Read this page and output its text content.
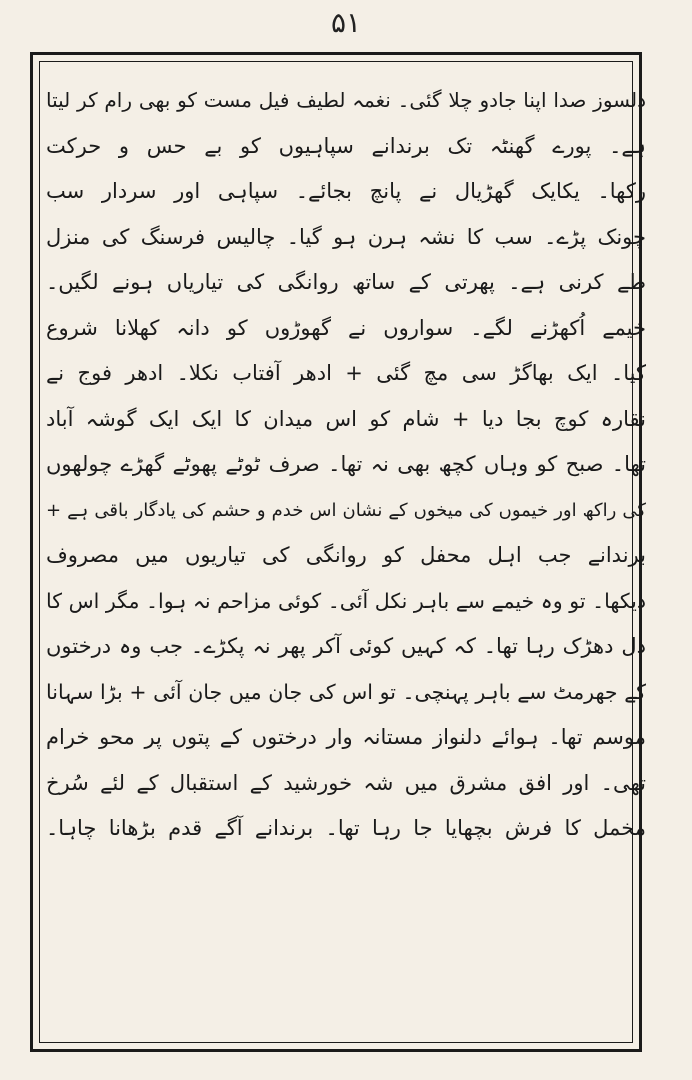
۵۱
دلسوز صدا اپنا جادو چلا گئی۔ نغمہ لطیف فیل مست کو بھی رام کر لیتا
ہے۔ پورے گھنٹہ تک برندانے سپاہیوں کو بے حس و حرکت
رکھا۔ یکایک گھڑیال نے پانچ بجائے۔ سپاہی اور سردار سب
چونک پڑے۔ سب کا نشہ ہرن ہو گیا۔ چالیس فرسنگ کی منزل
طے کرنی ہے۔ پھرتی کے ساتھ روانگی کی تیاریاں ہونے لگیں۔
خیمے اُکھڑنے لگے۔ سواروں نے گھوڑوں کو دانہ کھلانا شروع
کیا۔ ایک بھاگڑ سی مچ گئی + ادھر آفتاب نکلا۔ ادھر فوج نے
نقارہ کوچ بجا دیا + شام کو اس میدان کا ایک ایک گوشہ آباد
تھا۔ صبح کو وہاں کچھ بھی نہ تھا۔ صرف ٹوٹے پھوٹے گھڑے چولھوں
کی راکھ اور خیموں کی میخوں کے نشان اس خدم و حشم کی یادگار باقی ہے +
برندانے جب اہل محفل کو روانگی کی تیاریوں میں مصروف
دیکھا۔ تو وہ خیمے سے باہر نکل آئی۔ کوئی مزاحم نہ ہوا۔ مگر اس کا
دل دھڑک رہا تھا۔ کہ کہیں کوئی آکر پھر نہ پکڑے۔ جب وہ درختوں
کے جھرمٹ سے باہر پہنچی۔ تو اس کی جان میں جان آئی + بڑا سہانا
موسم تھا۔ ہوائے دلنواز مستانہ وار درختوں کے پتوں پر محو خرام
تھی۔ اور افق مشرق میں شہ خورشید کے استقبال کے لئے سُرخ
مخمل کا فرش بچھایا جا رہا تھا۔ برندانے آگے قدم بڑھانا چاہا۔
